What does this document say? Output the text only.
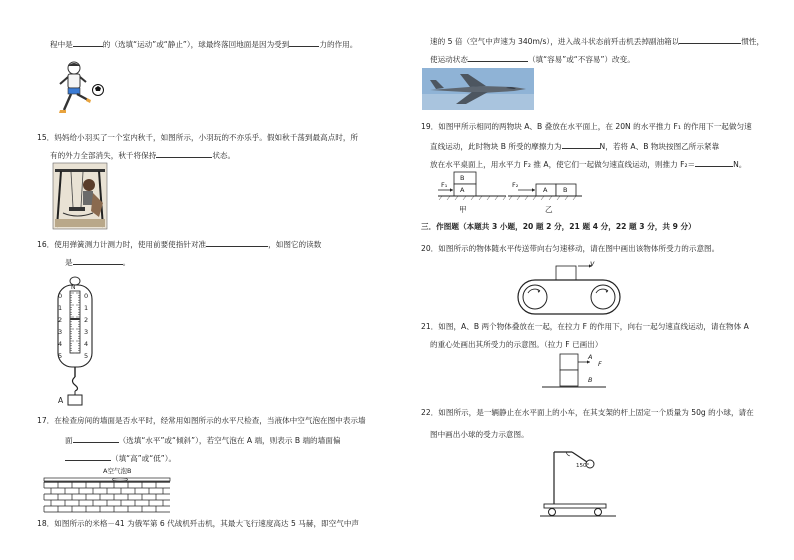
程中是	的（选填“运动”或“静止”），球最终落回地面是因为受到	力的作用。
15．妈妈给小羽买了一个室内秋千，如图所示，小羽玩的不亦乐乎。假如秋千荡到最高点时，所
有的外力全部消失，秋千将保持	状态。
16．使用弹簧测力计测力时，使用前要使指针对准	，如图它的读数
是	。
N
0
1
2
3
4
5
0
1
2
3
4
5
A
17．在检查房间的墙面是否水平时，经常用如图所示的水平尺检查，当液体中空气泡在图中表示墙
面	（选填“水平”或“倾斜”），若空气泡在 A 端，则表示 B 端的墙面偏
（填“高”或“低”）。
A空气泡B
18．如图所示的米格－41 为俄军第 6 代战机歼击机，其最大飞行速度高达 5 马赫，即空气中声
速的 5 倍（空气中声速为 340m/s），进入战斗状态前歼击机丢掉副油箱以	惯性，
使运动状态	（填“容易”或“不容易”）改变。
19．如图甲所示相同的两物块 A、B 叠放在水平面上，在 20N 的水平推力 F₁ 的作用下一起做匀速
直线运动，此时物块 B 所受的摩擦力为	N，若将 A、B 物块按图乙所示紧靠
放在水平桌面上，用水平力 F₂ 推 A，使它们一起做匀速直线运动，则推力 F₂＝	N。
B
A
F₁
甲
A B
F₂
乙
三．作图题（本题共 3 小题，20 题 2 分，21 题 4 分，22 题 3 分，共 9 分）
20．如图所示的物体随水平传送带向右匀速移动，请在图中画出该物体所受力的示意图。
v
21．如图，A、B 两个物体叠放在一起，在拉力 F 的作用下，向右一起匀速直线运动，请在物体 A
的重心处画出其所受力的示意图。（拉力 F 已画出）
A
F
B
22．如图所示，是一辆静止在水平面上的小车，在其支架的杆上固定一个质量为 50g 的小球，请在
图中画出小球的受力示意图。
150°
